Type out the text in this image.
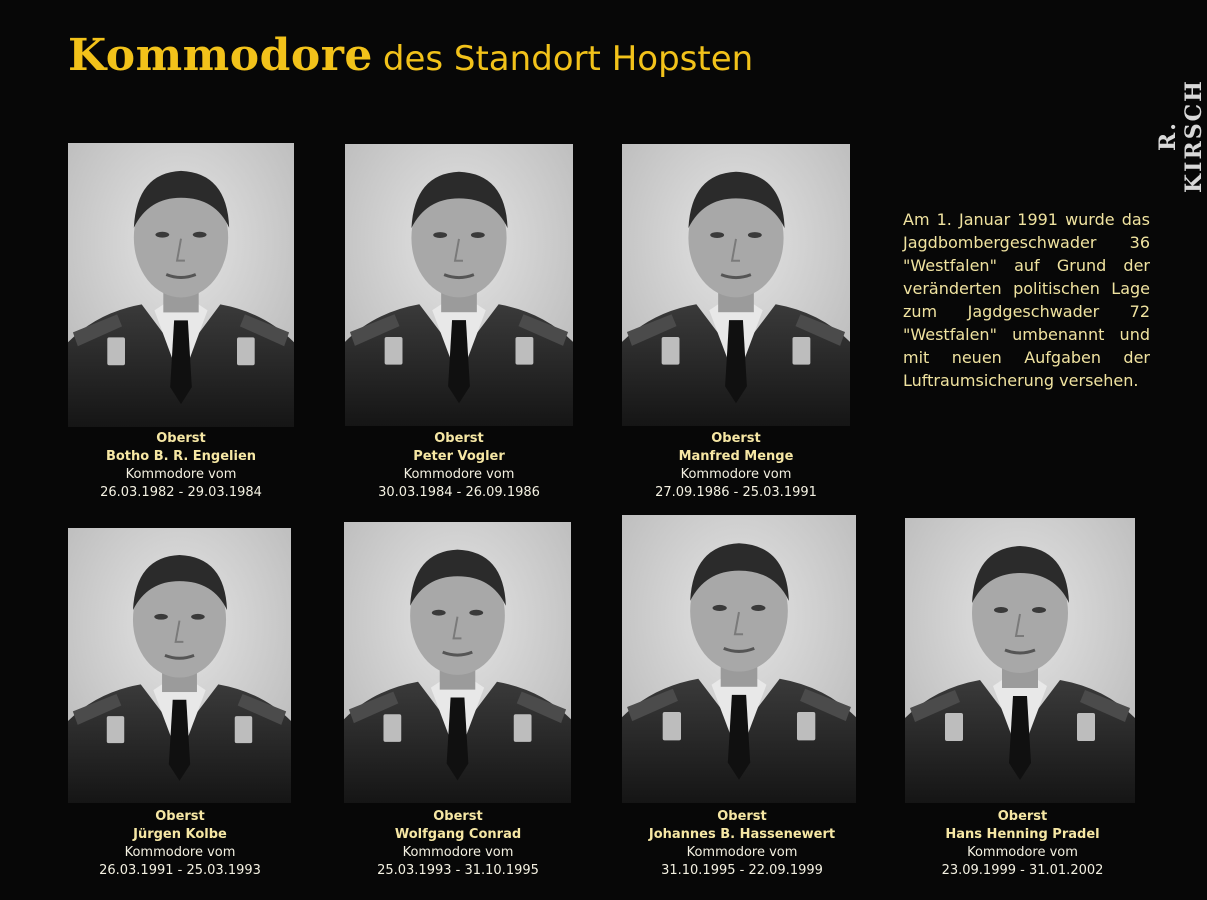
Kommodore des Standort Hopsten
R. KIRSCH
Am 1. Januar 1991 wurde das Jagdbombergeschwader 36 "Westfalen" auf Grund der veränderten politischen Lage zum Jagdgeschwader 72 "Westfalen" umbenannt und mit neuen Aufgaben der Luftraumsicherung versehen.
Oberst
Botho B. R. Engelien
Kommodore vom
26.03.1982 - 29.03.1984
Oberst
Peter Vogler
Kommodore vom
30.03.1984 - 26.09.1986
Oberst
Manfred Menge
Kommodore vom
27.09.1986 - 25.03.1991
Oberst
Jürgen Kolbe
Kommodore vom
26.03.1991 - 25.03.1993
Oberst
Wolfgang Conrad
Kommodore vom
25.03.1993 - 31.10.1995
Oberst
Johannes B. Hassenewert
Kommodore vom
31.10.1995 - 22.09.1999
Oberst
Hans Henning Pradel
Kommodore vom
23.09.1999 - 31.01.2002
